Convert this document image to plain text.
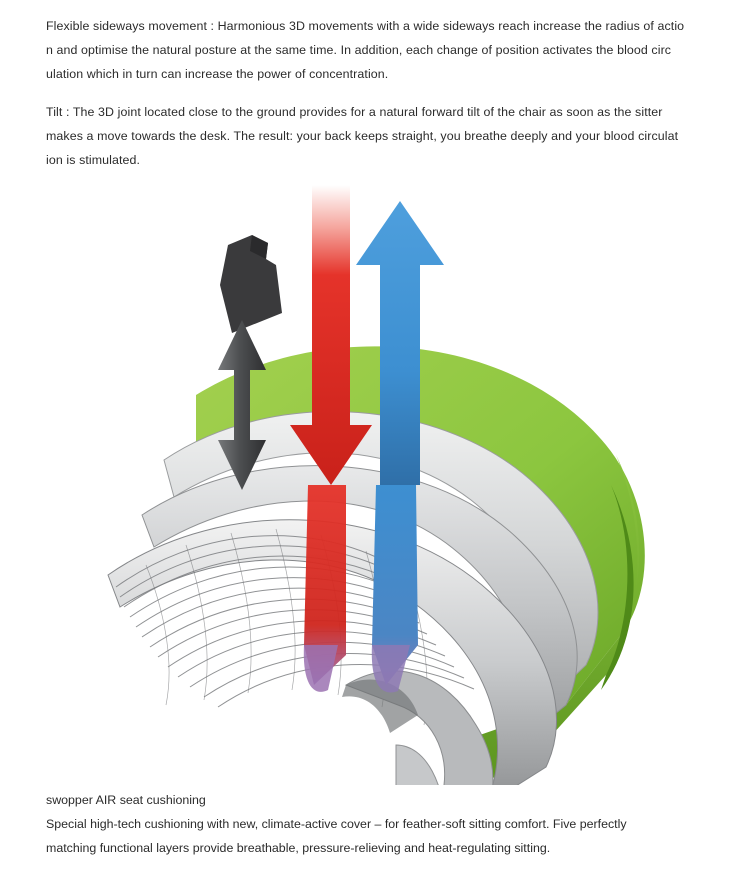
Flexible sideways movement : Harmonious 3D movements with a wide sideways reach increase the radius of actio
n and optimise the natural posture at the same time. In addition, each change of position activates the blood circ
ulation which in turn can increase the power of concentration.
Tilt : The 3D joint located close to the ground provides for a natural forward tilt of the chair as soon as the sitter
makes a move towards the desk. The result: your back keeps straight, you breathe deeply and your blood circulat
ion is stimulated.
swopper AIR seat cushioning
Special high-tech cushioning with new, climate-active cover – for feather-soft sitting comfort. Five perfectly
matching functional layers provide breathable, pressure-relieving and heat-regulating sitting.
